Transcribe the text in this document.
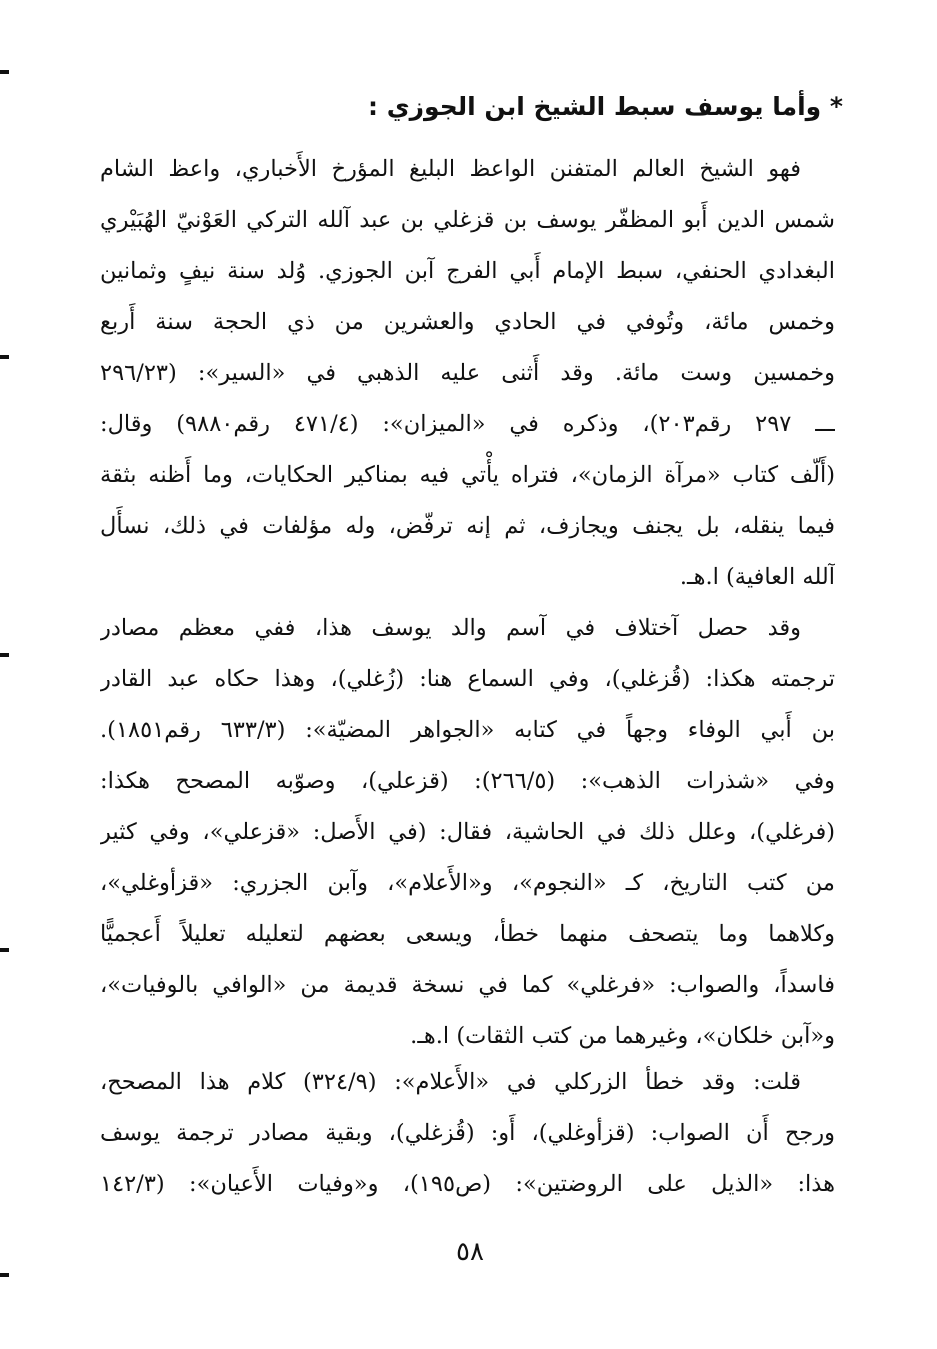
* وأما يوسف سبط الشيخ ابن الجوزي :
فهو الشيخ العالم المتفنن الواعظ البليغ المؤرخ الأَخباري، واعظ الشام
شمس الدين أَبو المظفّر يوسف بن قزغلي بن عبد آلله التركي العَوْنيّ الهُبَيْري
البغدادي الحنفي، سبط الإمام أَبي الفرج آبن الجوزي. وُلد سنة نيفٍ وثمانين
وخمس مائة، وتُوفي في الحادي والعشرين من ذي الحجة سنة أَربع
وخمسين وست مائة. وقد أَثنى عليه الذهبي في «السير»: (٢٩٦/٢٣
ـــ ٢٩٧ رقم٢٠٣)، وذكره في «الميزان»: (٤٧١/٤ رقم٩٨٨٠) وقال:
(أَلّف كتاب «مرآة الزمان»، فتراه يأْتي فيه بمناكير الحكايات، وما أَظنه بثقة
فيما ينقله، بل يجنف ويجازف، ثم إنه ترفّض، وله مؤلفات في ذلك، نسأَل
آلله العافية) ا.هـ.
وقد حصل آختلاف في آسم والد يوسف هذا، ففي معظم مصادر
ترجمته هكذا: (قُزغلي)، وفي السماع هنا: (زُغلي)، وهذا حكاه عبد القادر
بن أَبي الوفاء وجهاً في كتابه «الجواهر المضيّة»: (٦٣٣/٣ رقم١٨٥١).
وفي «شذرات الذهب»: (٢٦٦/٥): (قزعلي)، وصوّبه المصحح هكذا:
(فرغلي)، وعلل ذلك في الحاشية، فقال: (في الأَصل: «قزعلي»، وفي كثير
من كتب التاريخ، كـ «النجوم»، و«الأَعلام»، وآبن الجزري: «قزأوغلي»،
وكلاهما وما يتصحف منهما خطأ، ويسعى بعضهم لتعليله تعليلاً أَعجميًّا
فاسداً، والصواب: «فرغلي» كما في نسخة قديمة من «الوافي بالوفيات»،
و«آبن خلكان»، وغيرهما من كتب الثقات) ا.هـ.
قلت: وقد خطأ الزركلي في «الأَعلام»: (٣٢٤/٩) كلام هذا المصحح،
ورجح أَن الصواب: (قزأوغلي)، أَو: (قُزغلي)، وبقية مصادر ترجمة يوسف
هذا: «الذيل على الروضتين»: (ص١٩٥)، و«وفيات الأَعيان»: (١٤٢/٣
٥٨
